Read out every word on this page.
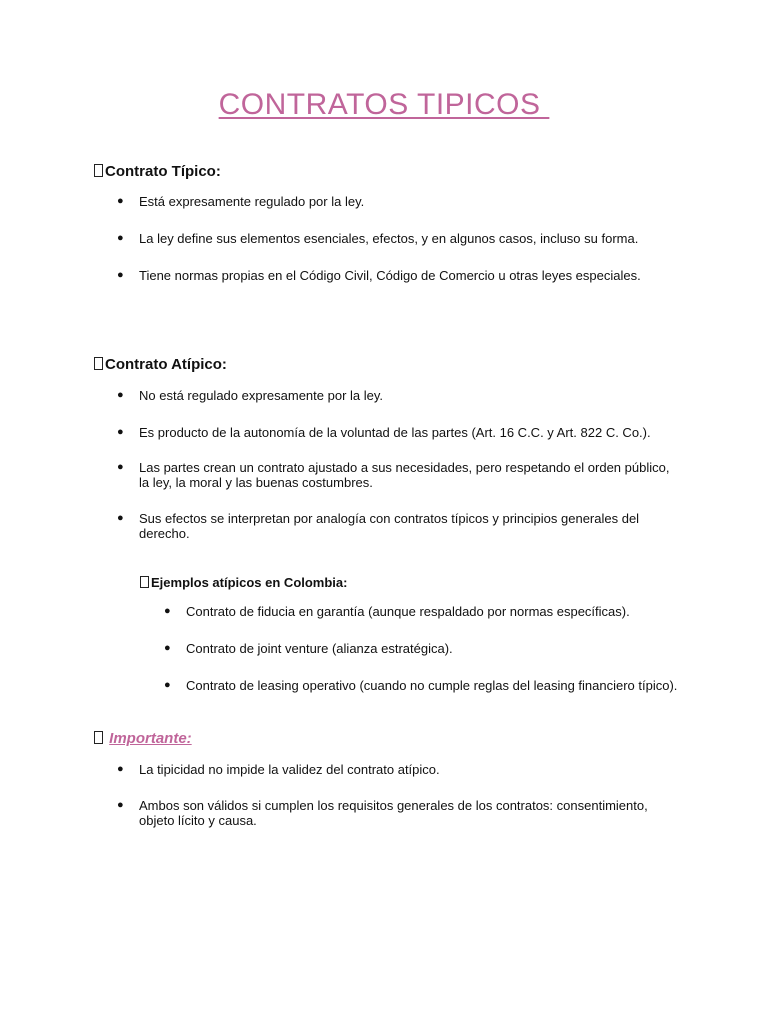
CONTRATOS TIPICOS
Contrato Típico:
● Está expresamente regulado por la ley.
● La ley define sus elementos esenciales, efectos, y en algunos casos, incluso su forma.
● Tiene normas propias en el Código Civil, Código de Comercio u otras leyes especiales.
Contrato Atípico:
● No está regulado expresamente por la ley.
● Es producto de la autonomía de la voluntad de las partes (Art. 16 C.C. y Art. 822 C. Co.).
● Las partes crean un contrato ajustado a sus necesidades, pero respetando el orden público, la ley, la moral y las buenas costumbres.
● Sus efectos se interpretan por analogía con contratos típicos y principios generales del derecho.
Ejemplos atípicos en Colombia:
● Contrato de fiducia en garantía (aunque respaldado por normas específicas).
● Contrato de joint venture (alianza estratégica).
● Contrato de leasing operativo (cuando no cumple reglas del leasing financiero típico).
Importante:
● La tipicidad no impide la validez del contrato atípico.
● Ambos son válidos si cumplen los requisitos generales de los contratos: consentimiento, objeto lícito y causa.
